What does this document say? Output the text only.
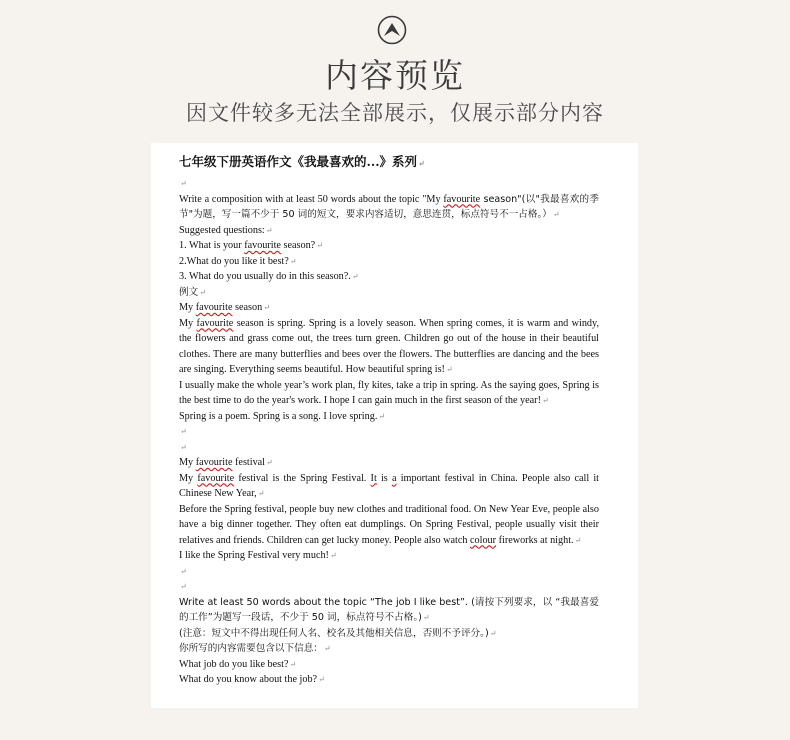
内容预览
因文件较多无法全部展示，仅展示部分内容

七年级下册英语作文《我最喜欢的...》系列↵

↵

Write a composition with at least 50 words about the topic "My favourite season"(以"我最喜欢的季节"为题，写一篇不少于 50 词的短文，要求内容适切，意思连贯，标点符号不一占格。）↵

Suggested questions:↵

1. What is your favourite season?↵

2.What do you like it best?↵

3. What do you usually do in this season?.↵

例文↵

My favourite season↵

My favourite season is spring. Spring is a lovely season. When spring comes, it is warm and windy, the flowers and grass come out, the trees turn green. Children go out of the house in their beautiful clothes. There are many butterflies and bees over the flowers. The butterflies are dancing and the bees are singing. Everything seems beautiful. How beautiful spring is!↵

I usually make the whole year’s work plan, fly kites, take a trip in spring. As the saying goes, Spring is the best time to do the year's work. I hope I can gain much in the first season of the year!↵

Spring is a poem. Spring is a song. I love spring.↵

↵

↵

My favourite festival↵

My favourite festival is the Spring Festival. It is a important festival in China. People also call it Chinese New Year,↵

Before the Spring festival, people buy new clothes and traditional food. On New Year Eve, people also have a big dinner together. They often eat dumplings. On Spring Festival, people usually visit their relatives and friends. Children can get lucky money. People also watch colour fireworks at night.↵

I like the Spring Festival very much!↵

↵

↵

Write at least 50 words about the topic “The job I like best”. (请按下列要求，以 “我最喜爱的工作”为题写一段话，不少于 50 词，标点符号不占格。)↵

(注意：短文中不得出现任何人名、校名及其他相关信息，否则不予评分。)↵

你所写的内容需要包含以下信息：↵

What job do you like best?↵

What do you know about the job?↵
